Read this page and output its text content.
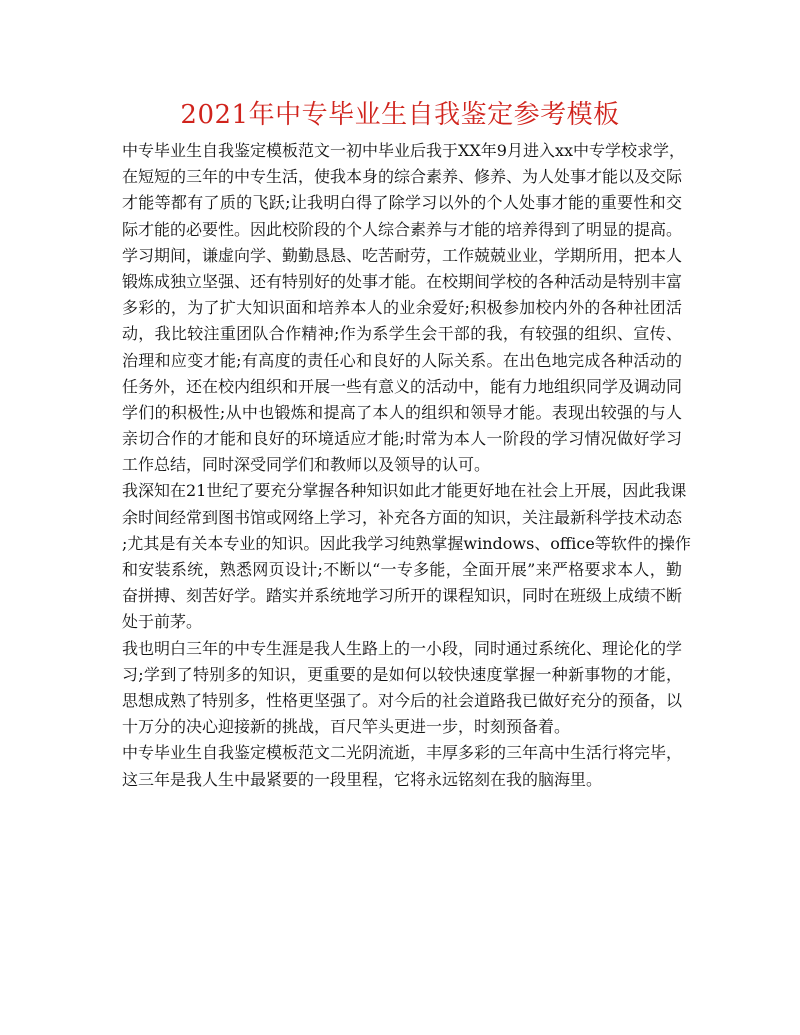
2021年中专毕业生自我鉴定参考模板
中专毕业生自我鉴定模板范文一初中毕业后我于XX年9月进入xx中专学校求学，
在短短的三年的中专生活，使我本身的综合素养、修养、为人处事才能以及交际
才能等都有了质的飞跃;让我明白得了除学习以外的个人处事才能的重要性和交
际才能的必要性。因此校阶段的个人综合素养与才能的培养得到了明显的提高。
学习期间，谦虚向学、勤勤恳恳、吃苦耐劳，工作兢兢业业，学期所用，把本人
锻炼成独立坚强、还有特别好的处事才能。在校期间学校的各种活动是特别丰富
多彩的，为了扩大知识面和培养本人的业余爱好;积极参加校内外的各种社团活
动，我比较注重团队合作精神;作为系学生会干部的我，有较强的组织、宣传、
治理和应变才能;有高度的责任心和良好的人际关系。在出色地完成各种活动的
任务外，还在校内组织和开展一些有意义的活动中，能有力地组织同学及调动同
学们的积极性;从中也锻炼和提高了本人的组织和领导才能。表现出较强的与人
亲切合作的才能和良好的环境适应才能;时常为本人一阶段的学习情况做好学习
工作总结，同时深受同学们和教师以及领导的认可。
我深知在21世纪了要充分掌握各种知识如此才能更好地在社会上开展，因此我课
余时间经常到图书馆或网络上学习，补充各方面的知识，关注最新科学技术动态
;尤其是有关本专业的知识。因此我学习纯熟掌握windows、office等软件的操作
和安装系统，熟悉网页设计;不断以“一专多能，全面开展”来严格要求本人，勤
奋拼搏、刻苦好学。踏实并系统地学习所开的课程知识，同时在班级上成绩不断
处于前茅。
我也明白三年的中专生涯是我人生路上的一小段，同时通过系统化、理论化的学
习;学到了特别多的知识，更重要的是如何以较快速度掌握一种新事物的才能，
思想成熟了特别多，性格更坚强了。对今后的社会道路我已做好充分的预备，以
十万分的决心迎接新的挑战，百尺竿头更进一步，时刻预备着。
中专毕业生自我鉴定模板范文二光阴流逝，丰厚多彩的三年高中生活行将完毕，
这三年是我人生中最紧要的一段里程，它将永远铭刻在我的脑海里。
